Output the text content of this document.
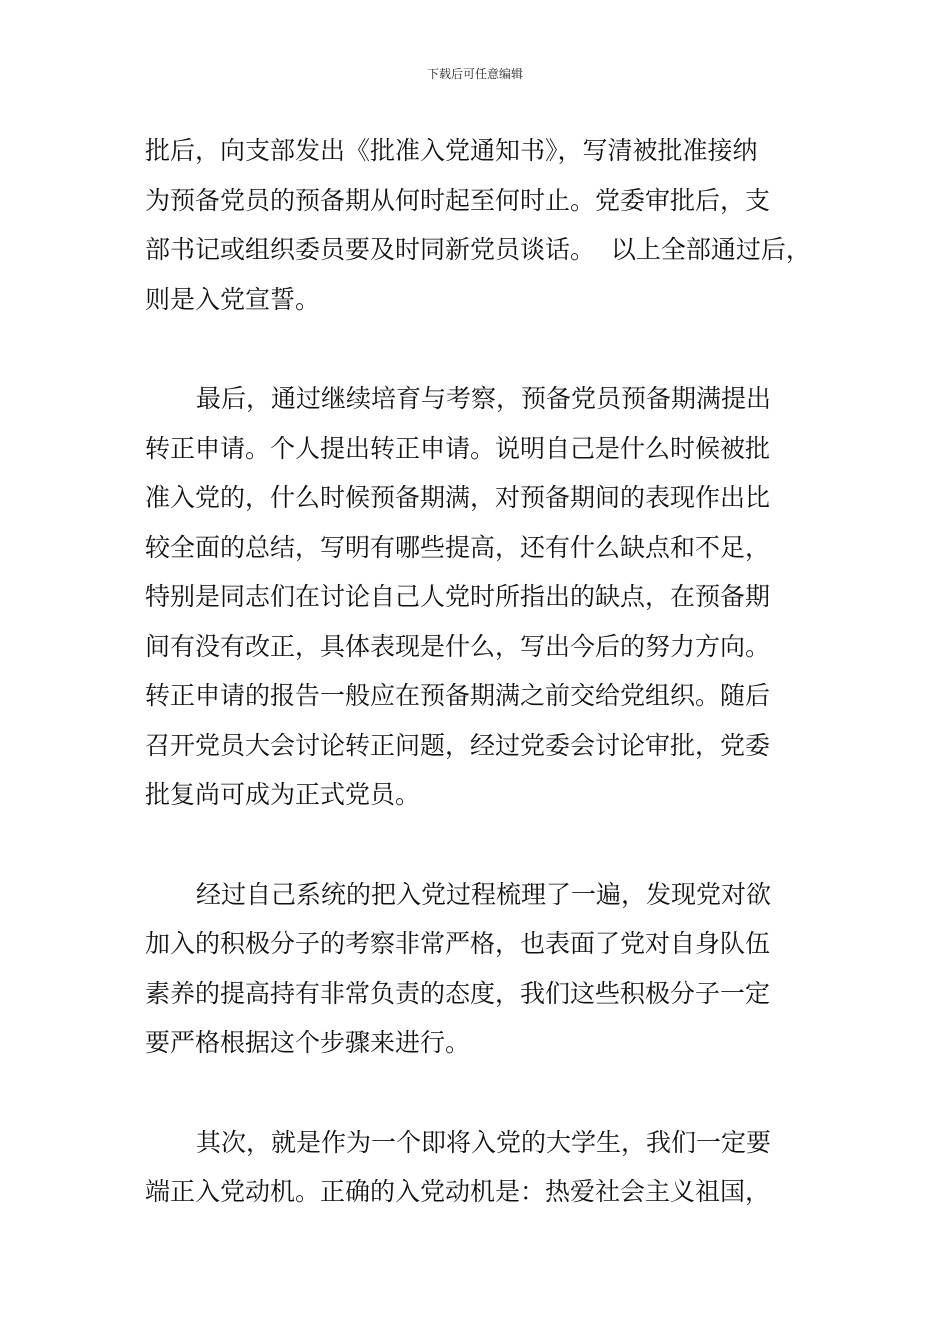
下载后可任意编辑

批后，向支部发出《批准入党通知书》，写清被批准接纳
为预备党员的预备期从何时起至何时止。党委审批后，支
部书记或组织委员要及时同新党员谈话。  以上全部通过后，
则是入党宣誓。

最后，通过继续培育与考察，预备党员预备期满提出
转正申请。个人提出转正申请。说明自己是什么时候被批
准入党的，什么时候预备期满，对预备期间的表现作出比
较全面的总结，写明有哪些提高，还有什么缺点和不足，
特别是同志们在讨论自己人党时所指出的缺点，在预备期
间有没有改正，具体表现是什么，写出今后的努力方向。
转正申请的报告一般应在预备期满之前交给党组织。随后
召开党员大会讨论转正问题，经过党委会讨论审批，党委
批复尚可成为正式党员。

经过自己系统的把入党过程梳理了一遍，发现党对欲
加入的积极分子的考察非常严格，也表面了党对自身队伍
素养的提高持有非常负责的态度，我们这些积极分子一定
要严格根据这个步骤来进行。

其次，就是作为一个即将入党的大学生，我们一定要
端正入党动机。正确的入党动机是：热爱社会主义祖国，
